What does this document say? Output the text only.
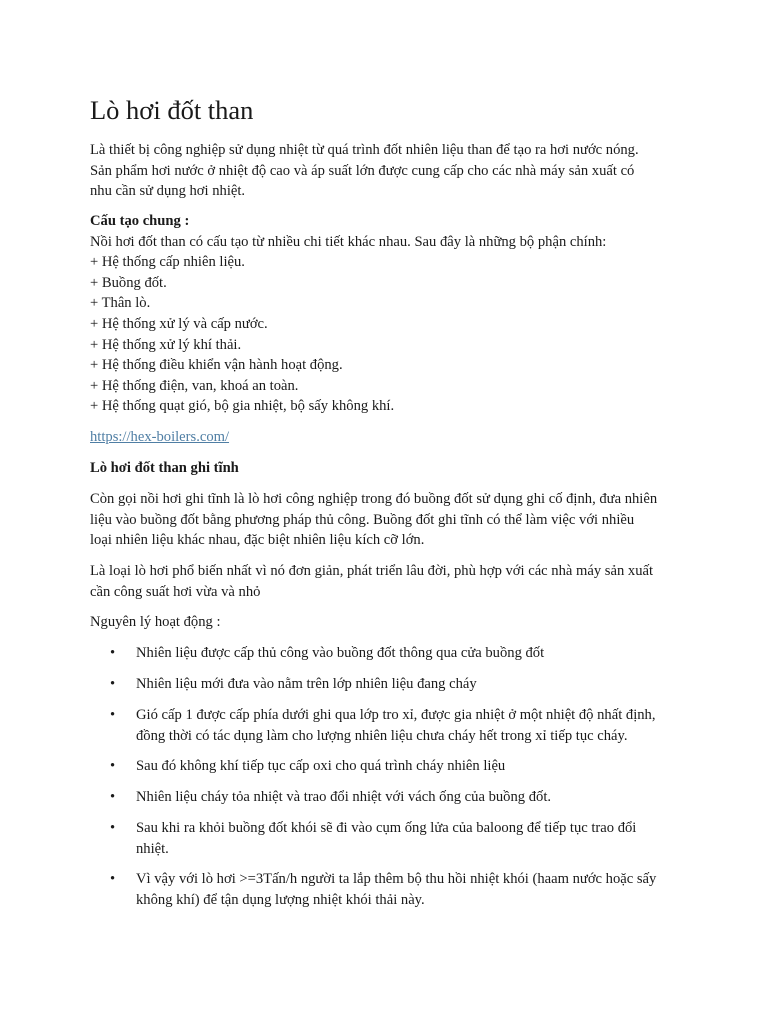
Lò hơi đốt than

Là thiết bị công nghiệp sử dụng nhiệt từ quá trình đốt nhiên liệu than để tạo ra hơi nước nóng.
Sản phẩm hơi nước ở nhiệt độ cao và áp suất lớn được cung cấp cho các nhà máy sản xuất có
nhu cần sử dụng hơi nhiệt.

Cấu tạo chung :
Nồi hơi đốt than có cấu tạo từ nhiều chi tiết khác nhau. Sau đây là những bộ phận chính:
+ Hệ thống cấp nhiên liệu.
+ Buồng đốt.
+ Thân lò.
+ Hệ thống xử lý và cấp nước.
+ Hệ thống xử lý khí thải.
+ Hệ thống điều khiển vận hành hoạt động.
+ Hệ thống điện, van, khoá an toàn.
+ Hệ thống quạt gió, bộ gia nhiệt, bộ sấy không khí.

https://hex-boilers.com/

Lò hơi đốt than ghi tĩnh

Còn gọi nồi hơi ghi tĩnh là lò hơi công nghiệp trong đó buồng đốt sử dụng ghi cố định, đưa nhiên
liệu vào buồng đốt bằng phương pháp thủ công. Buồng đốt ghi tĩnh có thể làm việc với nhiều
loại nhiên liệu khác nhau, đặc biệt nhiên liệu kích cỡ lớn.

Là loại lò hơi phổ biến nhất vì nó đơn giản, phát triển lâu đời, phù hợp với các nhà máy sản xuất
cần công suất hơi vừa và nhỏ

Nguyên lý hoạt động :

• Nhiên liệu được cấp thủ công vào buồng đốt thông qua cửa buồng đốt
• Nhiên liệu mới đưa vào nằm trên lớp nhiên liệu đang cháy
• Gió cấp 1 được cấp phía dưới ghi qua lớp tro xỉ, được gia nhiệt ở một nhiệt độ nhất định,
đồng thời có tác dụng làm cho lượng nhiên liệu chưa cháy hết trong xỉ tiếp tục cháy.
• Sau đó không khí tiếp tục cấp oxi cho quá trình cháy nhiên liệu
• Nhiên liệu cháy tỏa nhiệt và trao đổi nhiệt với vách ống của buồng đốt.
• Sau khi ra khỏi buồng đốt khói sẽ đi vào cụm ống lửa của baloong để tiếp tục trao đổi
nhiệt.
• Vì vậy với lò hơi >=3Tấn/h người ta lắp thêm bộ thu hồi nhiệt khói (haam nước hoặc sấy
không khí) để tận dụng lượng nhiệt khói thải này.
